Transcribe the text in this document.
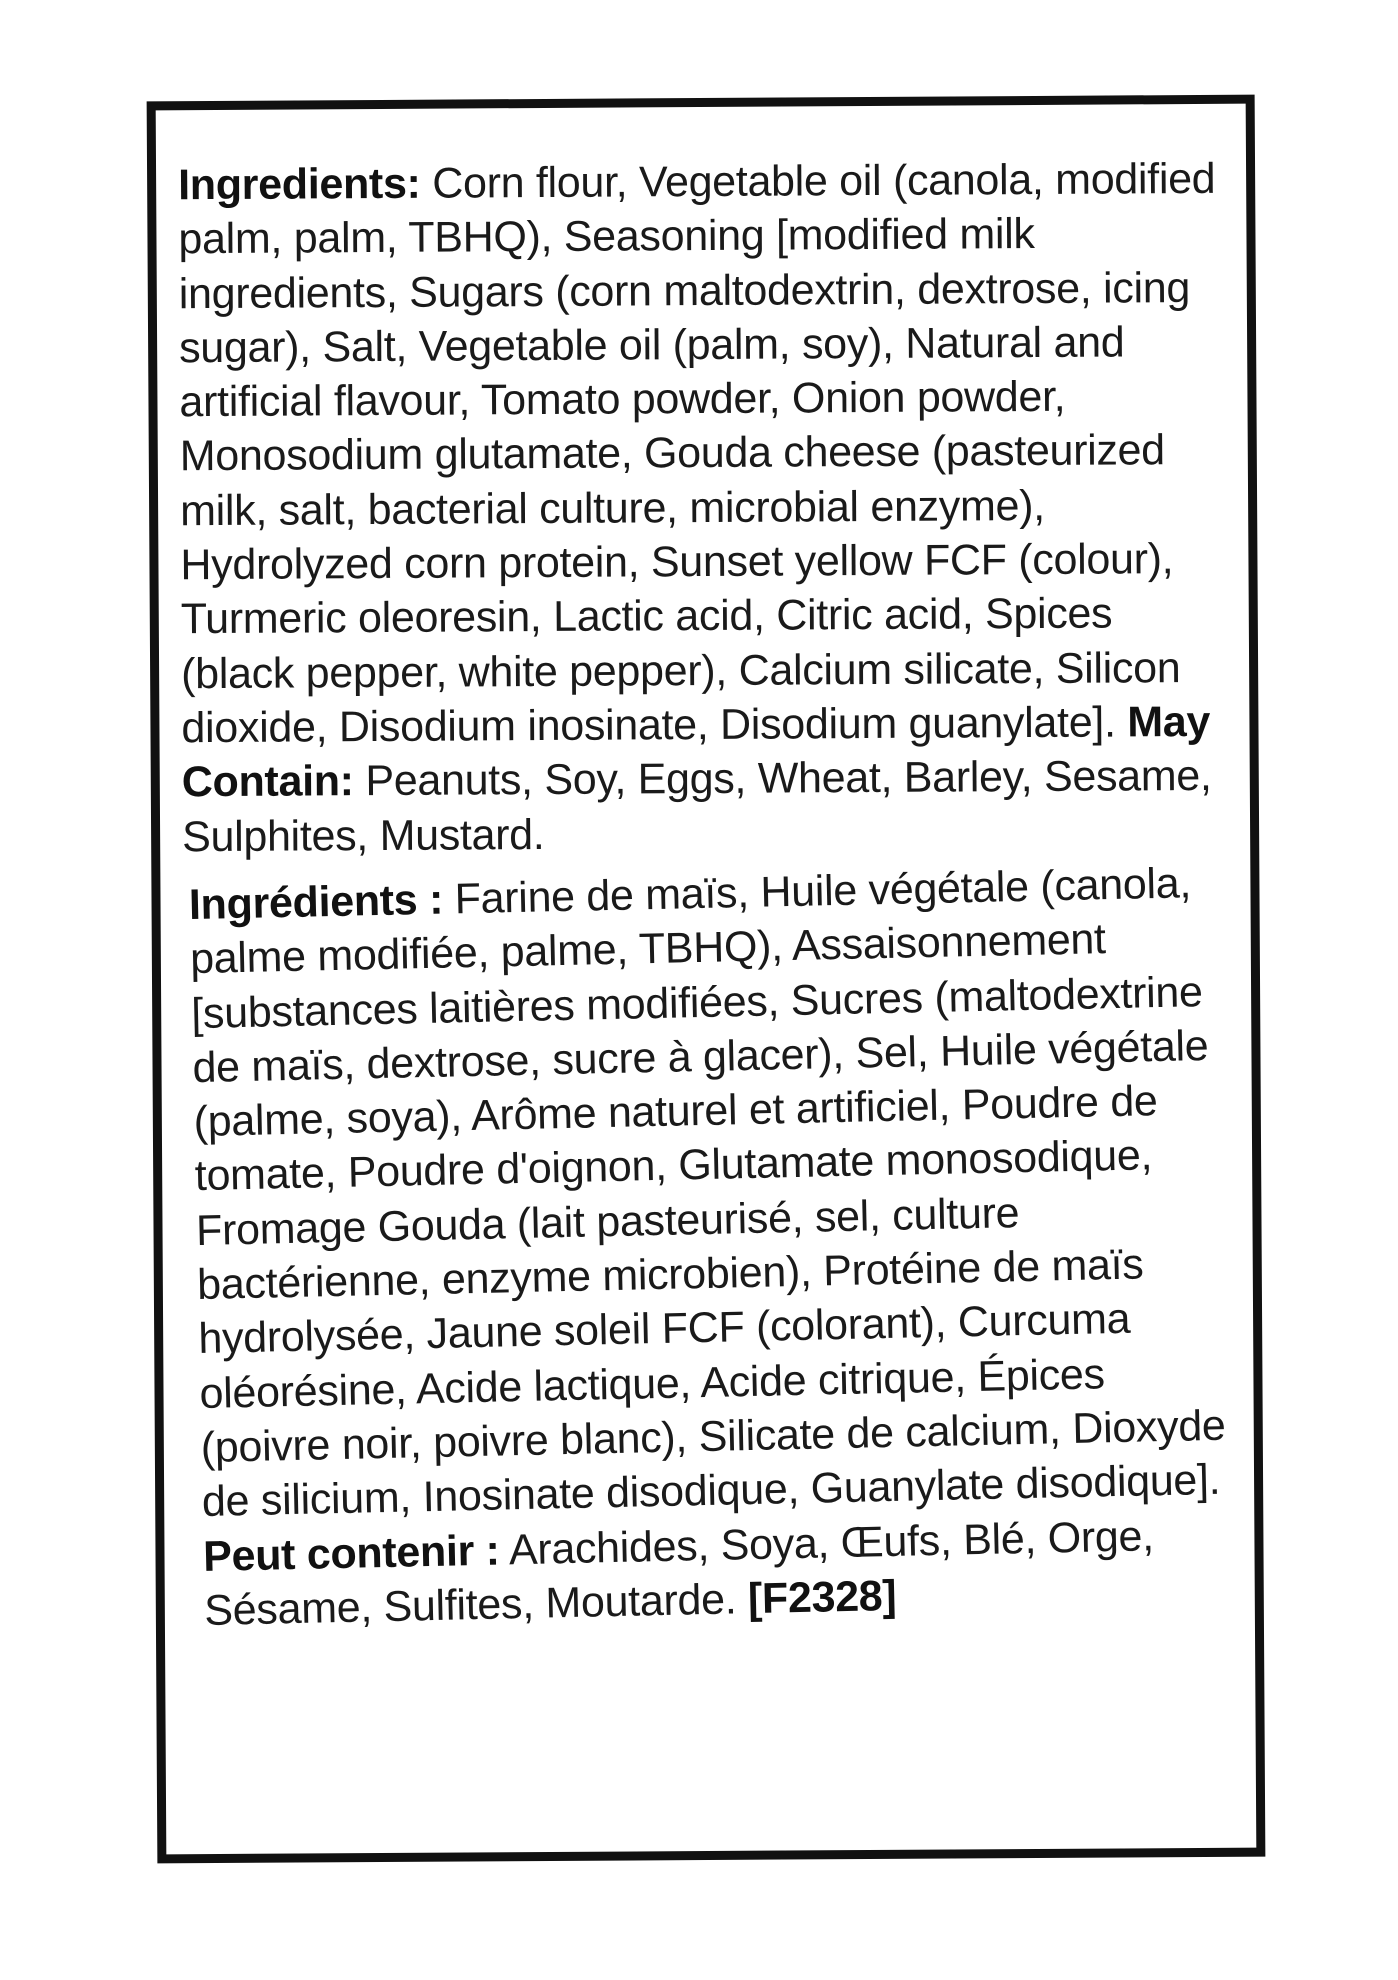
Ingredients: Corn flour, Vegetable oil (canola, modified palm, palm, TBHQ), Seasoning [modified milk ingredients, Sugars (corn maltodextrin, dextrose, icing sugar), Salt, Vegetable oil (palm, soy), Natural and artificial flavour, Tomato powder, Onion powder, Monosodium glutamate, Gouda cheese (pasteurized milk, salt, bacterial culture, microbial enzyme), Hydrolyzed corn protein, Sunset yellow FCF (colour), Turmeric oleoresin, Lactic acid, Citric acid, Spices (black pepper, white pepper), Calcium silicate, Silicon dioxide, Disodium inosinate, Disodium guanylate]. May Contain: Peanuts, Soy, Eggs, Wheat, Barley, Sesame, Sulphites, Mustard.

Ingrédients : Farine de maïs, Huile végétale (canola, palme modifiée, palme, TBHQ), Assaisonnement [substances laitières modifiées, Sucres (maltodextrine de maïs, dextrose, sucre à glacer), Sel, Huile végétale (palme, soya), Arôme naturel et artificiel, Poudre de tomate, Poudre d'oignon, Glutamate monosodique, Fromage Gouda (lait pasteurisé, sel, culture bactérienne, enzyme microbien), Protéine de maïs hydrolysée, Jaune soleil FCF (colorant), Curcuma oléorésine, Acide lactique, Acide citrique, Épices (poivre noir, poivre blanc), Silicate de calcium, Dioxyde de silicium, Inosinate disodique, Guanylate disodique]. Peut contenir : Arachides, Soya, Œufs, Blé, Orge, Sésame, Sulfites, Moutarde. [F2328]
